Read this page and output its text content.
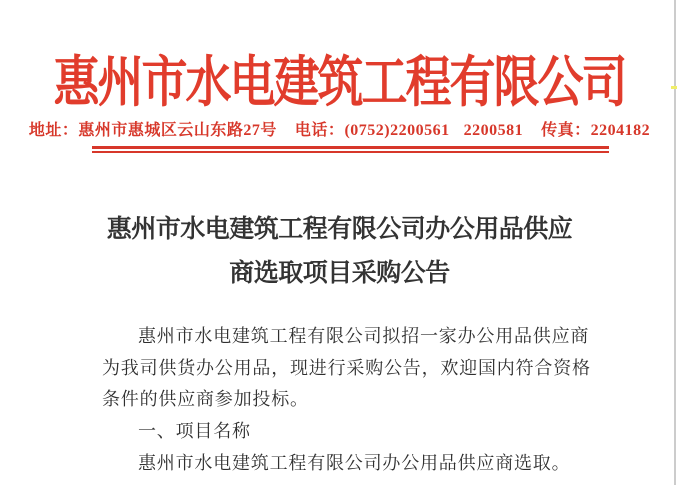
惠州市水电建筑工程有限公司
地址：惠州市惠城区云山东路27号 电话：(0752)2200561 2200581 传真：2204182
惠州市水电建筑工程有限公司办公用品供应
商选取项目采购公告
惠州市水电建筑工程有限公司拟招一家办公用品供应商
为我司供货办公用品，现进行采购公告，欢迎国内符合资格
条件的供应商参加投标。
一、项目名称
惠州市水电建筑工程有限公司办公用品供应商选取。
